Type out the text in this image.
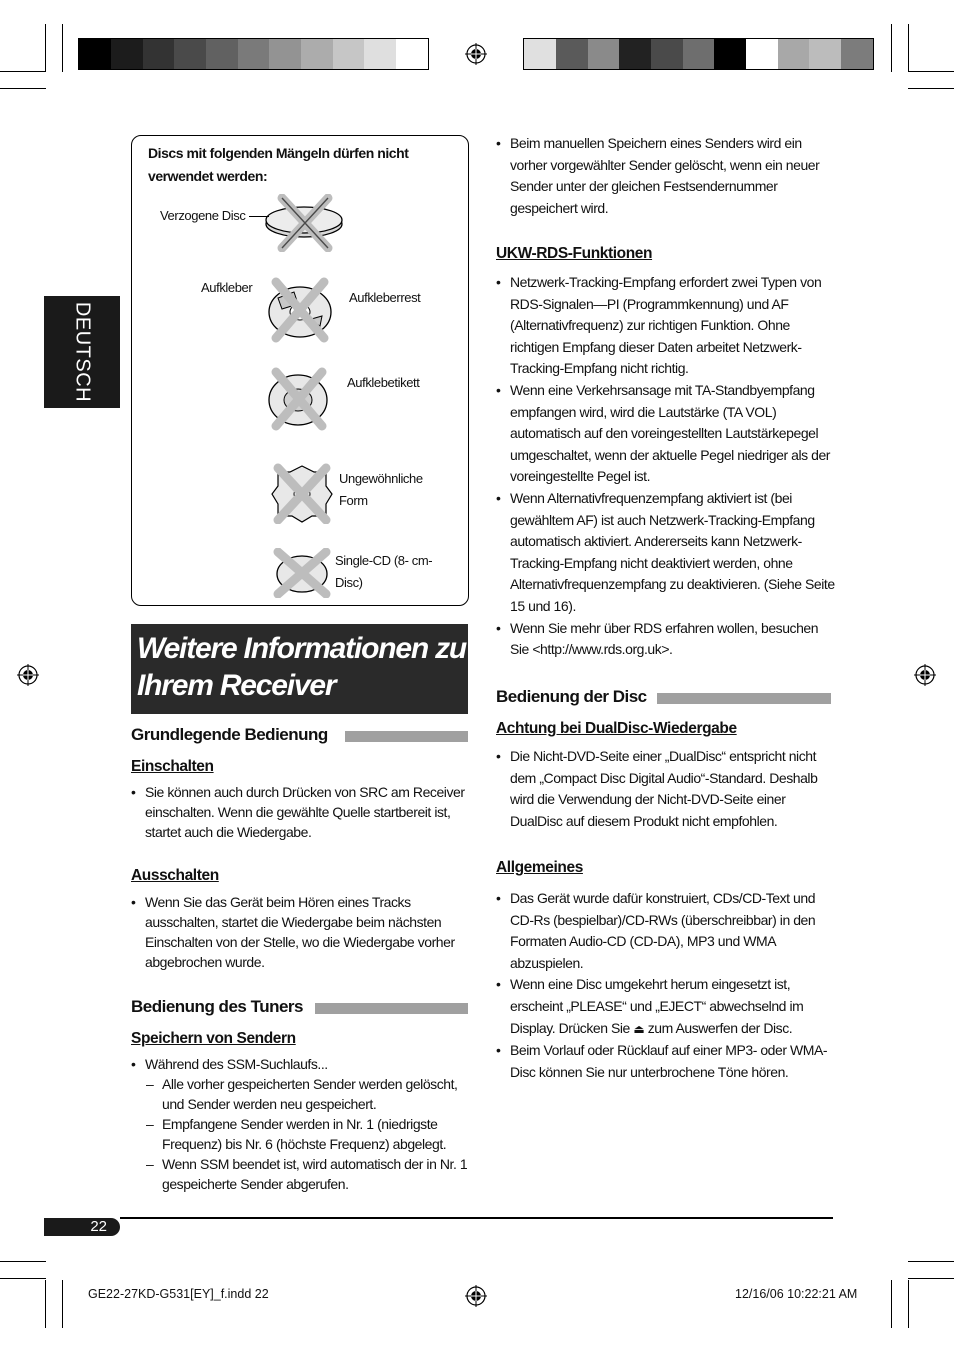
DEUTSCH
Discs mit folgenden Mängeln dürfen nicht verwendet werden:
Verzogene Disc
Aufkleber
Aufkleberrest
Aufklebetikett
Ungewöhnliche
Form
Single-CD (8- cm-
Disc)
Weitere Informationen zu
Ihrem Receiver
Grundlegende Bedienung
Einschalten
• Sie können auch durch Drücken von SRC am Receiver einschalten. Wenn die gewählte Quelle startbereit ist, startet auch die Wiedergabe.
Ausschalten
• Wenn Sie das Gerät beim Hören eines Tracks ausschalten, startet die Wiedergabe beim nächsten Einschalten von der Stelle, wo die Wiedergabe vorher abgebrochen wurde.
Bedienung des Tuners
Speichern von Sendern
• Während des SSM-Suchlaufs...
– Alle vorher gespeicherten Sender werden gelöscht, und Sender werden neu gespeichert.
– Empfangene Sender werden in Nr. 1 (niedrigste Frequenz) bis Nr. 6 (höchste Frequenz) abgelegt.
– Wenn SSM beendet ist, wird automatisch der in Nr. 1 gespeicherte Sender abgerufen.
• Beim manuellen Speichern eines Senders wird ein vorher vorgewählter Sender gelöscht, wenn ein neuer Sender unter der gleichen Festsendernummer gespeichert wird.
UKW-RDS-Funktionen
• Netzwerk-Tracking-Empfang erfordert zwei Typen von RDS-Signalen—PI (Programmkennung) und AF (Alternativfrequenz) zur richtigen Funktion. Ohne richtigen Empfang dieser Daten arbeitet Netzwerk-Tracking-Empfang nicht richtig.
• Wenn eine Verkehrsansage mit TA-Standbyempfang empfangen wird, wird die Lautstärke (TA VOL) automatisch auf den voreingestellten Lautstärkepegel umgeschaltet, wenn der aktuelle Pegel niedriger als der voreingestellte Pegel ist.
• Wenn Alternativfrequenzempfang aktiviert ist (bei gewähltem AF) ist auch Netzwerk-Tracking-Empfang automatisch aktiviert. Andererseits kann Netzwerk-Tracking-Empfang nicht deaktiviert werden, ohne Alternativfrequenzempfang zu deaktivieren. (Siehe Seite 15 und 16).
• Wenn Sie mehr über RDS erfahren wollen, besuchen Sie <http://www.rds.org.uk>.
Bedienung der Disc
Achtung bei DualDisc-Wiedergabe
• Die Nicht-DVD-Seite einer „DualDisc“ entspricht nicht dem „Compact Disc Digital Audio“-Standard. Deshalb wird die Verwendung der Nicht-DVD-Seite einer DualDisc auf diesem Produkt nicht empfohlen.
Allgemeines
• Das Gerät wurde dafür konstruiert, CDs/CD-Text und CD-Rs (bespielbar)/CD-RWs (überschreibbar) in den Formaten Audio-CD (CD-DA), MP3 und WMA abzuspielen.
• Wenn eine Disc umgekehrt herum eingesetzt ist, erscheint „PLEASE“ und „EJECT“ abwechselnd im Display. Drücken Sie ⏏ zum Auswerfen der Disc.
• Beim Vorlauf oder Rücklauf auf einer MP3- oder WMA-Disc können Sie nur unterbrochene Töne hören.
22
GE22-27KD-G531[EY]_f.indd 22	12/16/06 10:22:21 AM
